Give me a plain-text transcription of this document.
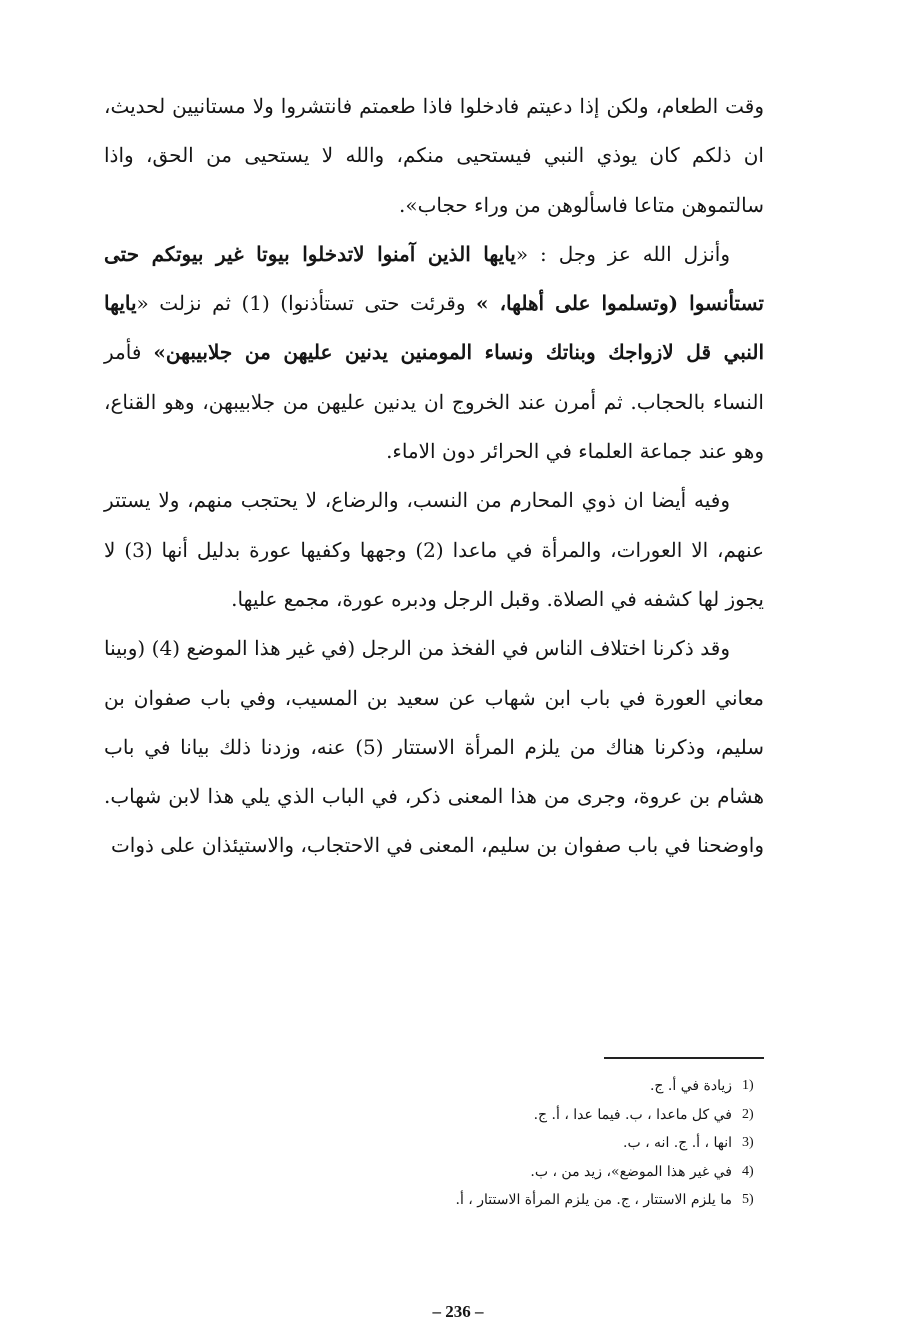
وقت الطعام، ولكن إذا دعيتم فادخلوا فاذا طعمتم فانتشروا ولا مستانيين لحديث، ان ذلكم كان يوذي النبي فيستحيى منكم، والله لا يستحيى من الحق، واذا سالتموهن متاعا فاسألوهن من وراء حجاب».

وأنزل الله عز وجل : «يايها الذين آمنوا لاتدخلوا بيوتا غير بيوتكم حتى تستأنسوا (وتسلموا على أهلها، » وقرئت حتى تستأذنوا) (1) ثم نزلت «يايها النبي قل لازواجك وبناتك ونساء المومنين يدنين عليهن من جلابيبهن» فأمر النساء بالحجاب. ثم أمرن عند الخروج ان يدنين عليهن من جلابيبهن، وهو القناع، وهو عند جماعة العلماء في الحرائر دون الاماء.

وفيه أيضا ان ذوي المحارم من النسب، والرضاع، لا يحتجب منهم، ولا يستتر عنهم، الا العورات، والمرأة في ماعدا (2) وجهها وكفيها عورة بدليل أنها (3) لا يجوز لها كشفه في الصلاة. وقبل الرجل ودبره عورة، مجمع عليها.

وقد ذكرنا اختلاف الناس في الفخذ من الرجل (في غير هذا الموضع (4) (وبينا معاني العورة في باب ابن شهاب عن سعيد بن المسيب، وفي باب صفوان بن سليم، وذكرنا هناك من يلزم المرأة الاستتار (5) عنه، وزدنا ذلك بيانا في باب هشام بن عروة، وجرى من هذا المعنى ذكر، في الباب الذي يلي هذا لابن شهاب. واوضحنا في باب صفوان بن سليم، المعنى في الاحتجاب، والاستيئذان على ذوات

1)
زيادة في أ. ج.
2)
في كل ماعدا ، ب. فيما عدا ، أ. ج.
3)
انها ، أ. ج. انه ، ب.
4)
في غير هذا الموضع»، زيد من ، ب.
5)
ما يلزم الاستتار ، ج. من يلزم المرأة الاستتار ، أ.
– 236 –
